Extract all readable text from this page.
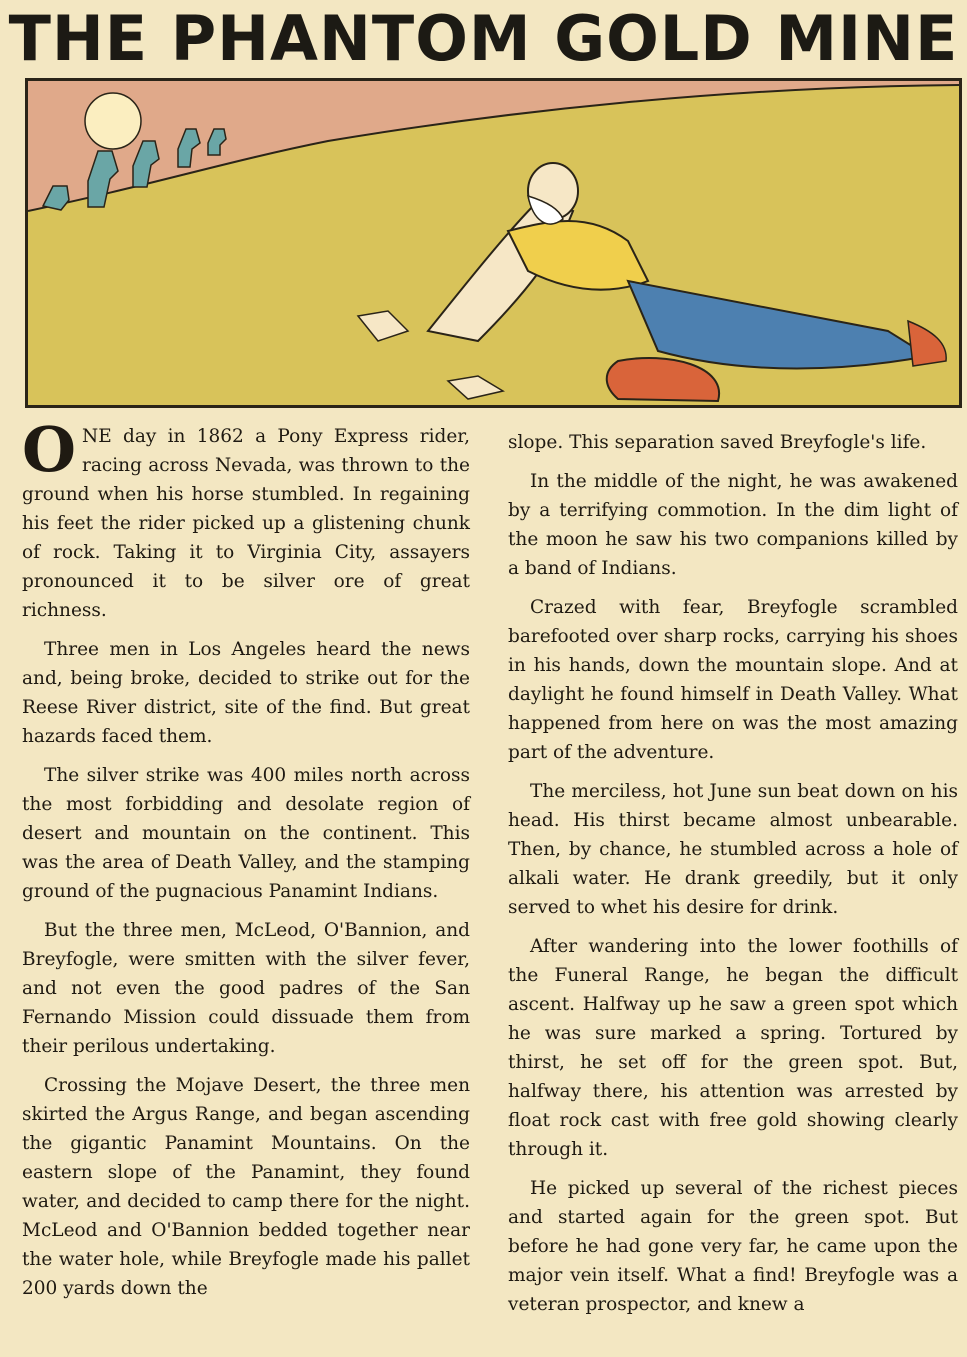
THE PHANTOM GOLD MINE

ONE day in 1862 a Pony Express rider, racing across Nevada, was thrown to the ground when his horse stumbled. In regaining his feet the rider picked up a glistening chunk of rock. Taking it to Virginia City, assayers pronounced it to be silver ore of great richness.

Three men in Los Angeles heard the news and, being broke, decided to strike out for the Reese River district, site of the find. But great hazards faced them.

The silver strike was 400 miles north across the most forbidding and desolate region of desert and mountain on the continent. This was the area of Death Valley, and the stamping ground of the pugnacious Panamint Indians.

But the three men, McLeod, O'Bannion, and Breyfogle, were smitten with the silver fever, and not even the good padres of the San Fernando Mission could dissuade them from their perilous undertaking.

Crossing the Mojave Desert, the three men skirted the Argus Range, and began ascending the gigantic Panamint Mountains. On the eastern slope of the Panamint, they found water, and decided to camp there for the night. McLeod and O'Bannion bedded together near the water hole, while Breyfogle made his pallet 200 yards down the

slope. This separation saved Breyfogle's life.

In the middle of the night, he was awakened by a terrifying commotion. In the dim light of the moon he saw his two companions killed by a band of Indians.

Crazed with fear, Breyfogle scrambled barefooted over sharp rocks, carrying his shoes in his hands, down the mountain slope. And at daylight he found himself in Death Valley. What happened from here on was the most amazing part of the adventure.

The merciless, hot June sun beat down on his head. His thirst became almost unbearable. Then, by chance, he stumbled across a hole of alkali water. He drank greedily, but it only served to whet his desire for drink.

After wandering into the lower foothills of the Funeral Range, he began the difficult ascent. Halfway up he saw a green spot which he was sure marked a spring. Tortured by thirst, he set off for the green spot. But, halfway there, his attention was arrested by float rock cast with free gold showing clearly through it.

He picked up several of the richest pieces and started again for the green spot. But before he had gone very far, he came upon the major vein itself. What a find! Breyfogle was a veteran prospector, and knew a
